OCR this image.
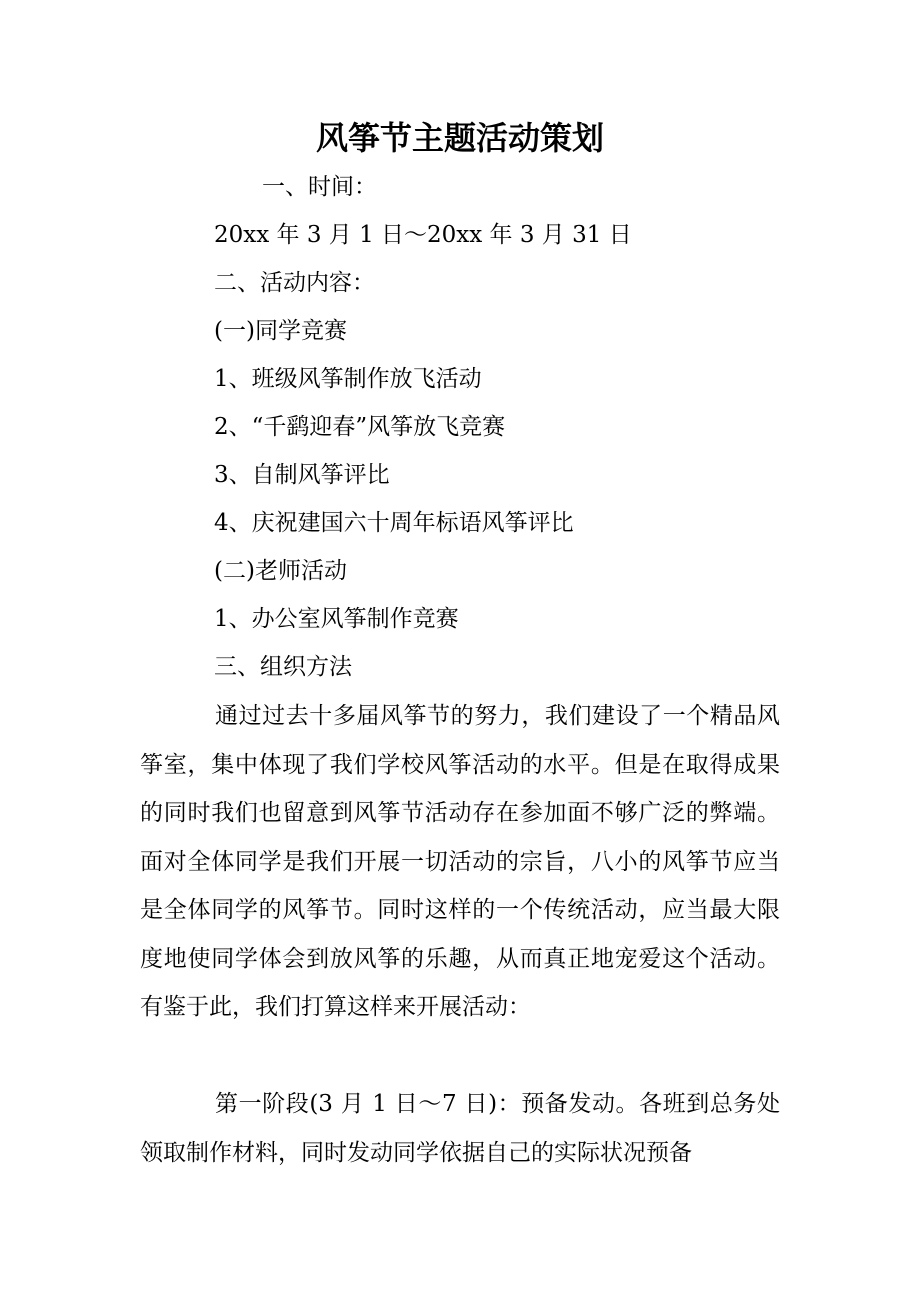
风筝节主题活动策划

一、时间：

20xx 年 3 月 1 日～20xx 年 3 月 31 日

二、活动内容：

(一)同学竞赛

1、班级风筝制作放飞活动

2、“千鹞迎春”风筝放飞竞赛

3、自制风筝评比

4、庆祝建国六十周年标语风筝评比

(二)老师活动

1、办公室风筝制作竞赛

三、组织方法

通过过去十多届风筝节的努力，我们建设了一个精品风筝室，集中体现了我们学校风筝活动的水平。但是在取得成果的同时我们也留意到风筝节活动存在参加面不够广泛的弊端。面对全体同学是我们开展一切活动的宗旨，八小的风筝节应当是全体同学的风筝节。同时这样的一个传统活动，应当最大限度地使同学体会到放风筝的乐趣，从而真正地宠爱这个活动。有鉴于此，我们打算这样来开展活动：

第一阶段(3 月 1 日～7 日)：预备发动。各班到总务处领取制作材料，同时发动同学依据自己的实际状况预备
